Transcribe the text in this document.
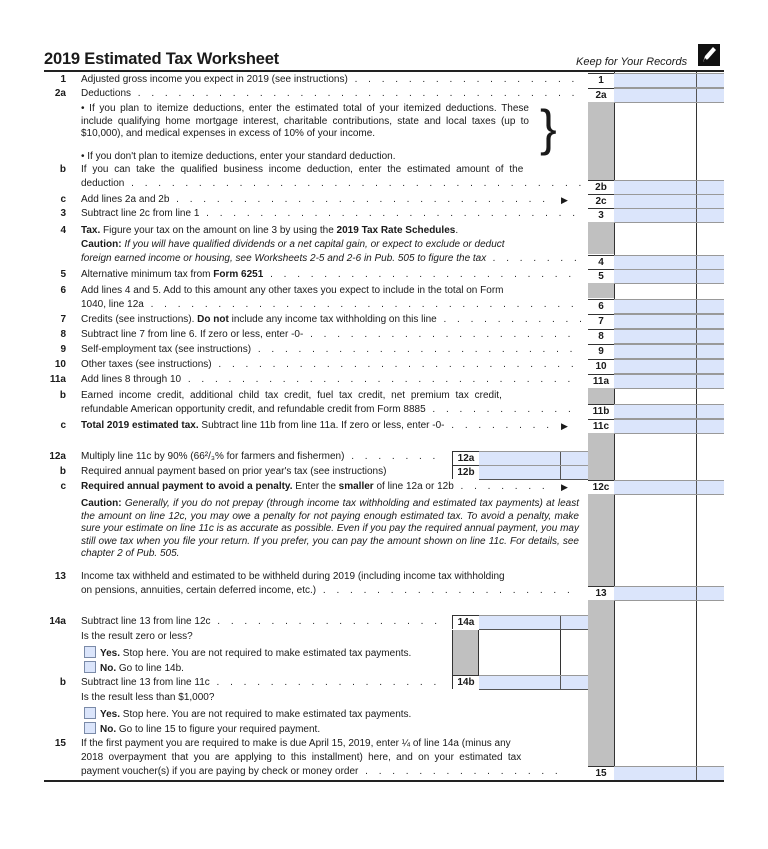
2019 Estimated Tax Worksheet	Keep for Your Records
1 Adjusted gross income you expect in 2019 (see instructions) . . .	1
2a Deductions . . .	2a
• If you plan to itemize deductions, enter the estimated total of your itemized deductions. These include qualifying home mortgage interest, charitable contributions, state and local taxes (up to $10,000), and medical expenses in excess of 10% of your income.	}
• If you don't plan to itemize deductions, enter your standard deduction.
b If you can take the qualified business income deduction, enter the estimated amount of the
deduction . . .	2b
c Add lines 2a and 2b . . .	▶	2c
3 Subtract line 2c from line 1 . . .	3
4 Tax. Figure your tax on the amount on line 3 by using the 2019 Tax Rate Schedules.
Caution: If you will have qualified dividends or a net capital gain, or expect to exclude or deduct
foreign earned income or housing, see Worksheets 2-5 and 2-6 in Pub. 505 to figure the tax . . .	4
5 Alternative minimum tax from Form 6251 . . .	5
6 Add lines 4 and 5. Add to this amount any other taxes you expect to include in the total on Form
1040, line 12a . . .	6
7 Credits (see instructions). Do not include any income tax withholding on this line . . .	7
8 Subtract line 7 from line 6. If zero or less, enter -0- . . .	8
9 Self-employment tax (see instructions) . . .	9
10 Other taxes (see instructions) . . .	10
11a Add lines 8 through 10 . . .	11a
b Earned income credit, additional child tax credit, fuel tax credit, net premium tax credit,
refundable American opportunity credit, and refundable credit from Form 8885 . . .	11b
c Total 2019 estimated tax. Subtract line 11b from line 11a. If zero or less, enter -0- . . .	▶	11c
12a Multiply line 11c by 90% (66²/₃% for farmers and fishermen) . . .	12a
b Required annual payment based on prior year's tax (see instructions)	12b
c Required annual payment to avoid a penalty. Enter the smaller of line 12a or 12b . . .	▶	12c
Caution: Generally, if you do not prepay (through income tax withholding and estimated tax payments) at least the amount on line 12c, you may owe a penalty for not paying enough estimated tax. To avoid a penalty, make sure your estimate on line 11c is as accurate as possible. Even if you pay the required annual payment, you may still owe tax when you file your return. If you prefer, you can pay the amount shown on line 11c. For details, see chapter 2 of Pub. 505.
13 Income tax withheld and estimated to be withheld during 2019 (including income tax withholding
on pensions, annuities, certain deferred income, etc.) . . .	13
14a Subtract line 13 from line 12c . . .	14a
Is the result zero or less?
Yes. Stop here. You are not required to make estimated tax payments.
No. Go to line 14b.
b Subtract line 13 from line 11c . . .	14b
Is the result less than $1,000?
Yes. Stop here. You are not required to make estimated tax payments.
No. Go to line 15 to figure your required payment.
15 If the first payment you are required to make is due April 15, 2019, enter ¼ of line 14a (minus any
2018 overpayment that you are applying to this installment) here, and on your estimated tax
payment voucher(s) if you are paying by check or money order . . .	15
